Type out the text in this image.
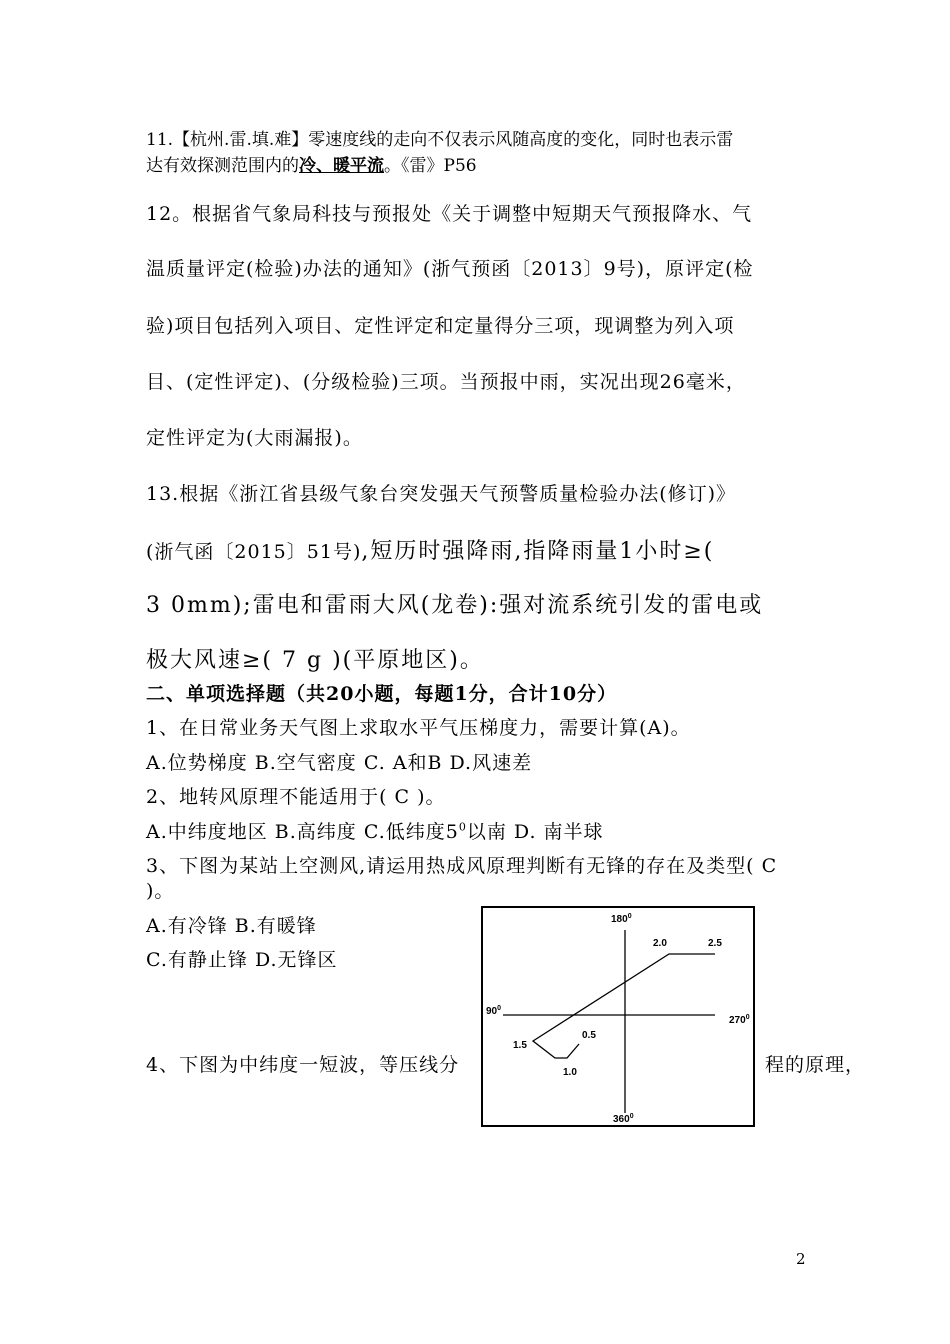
11.【杭州.雷.填.难】零速度线的走向不仅表示风随高度的变化，同时也表示雷
达有效探测范围内的冷、暖平流。《雷》P56
12。根据省气象局科技与预报处《关于调整中短期天气预报降水、气
温质量评定(检验)办法的通知》(浙气预函〔2013〕9号)，原评定(检
验)项目包括列入项目、定性评定和定量得分三项，现调整为列入项
目、(定性评定)、(分级检验)三项。当预报中雨，实况出现26毫米，
定性评定为(大雨漏报)。
13.根据《浙江省县级气象台突发强天气预警质量检验办法(修订)》
(浙气函〔2015〕51号),短历时强降雨,指降雨量1小时≥(
3 0mm);雷电和雷雨大风(龙卷):强对流系统引发的雷电或
极大风速≥( 7 g )(平原地区)。
二、单项选择题（共20小题，每题1分，合计10分）
1、在日常业务天气图上求取水平气压梯度力，需要计算(A)。
A.位势梯度 B.空气密度 C. A和B D.风速差
2、地转风原理不能适用于( C )。
A.中纬度地区 B.高纬度 C.低纬度$5^0$以南 D. 南半球
3、下图为某站上空测风,请运用热成风原理判断有无锋的存在及类型( C
)。
A.有冷锋 B.有暖锋
C.有静止锋 D.无锋区
4、下图为中纬度一短波，等压线分	程的原理，
$180^0$
$90^0$
$270^0$
$360^0$
2.0	2.5
1.5
0.5
1.0
2
